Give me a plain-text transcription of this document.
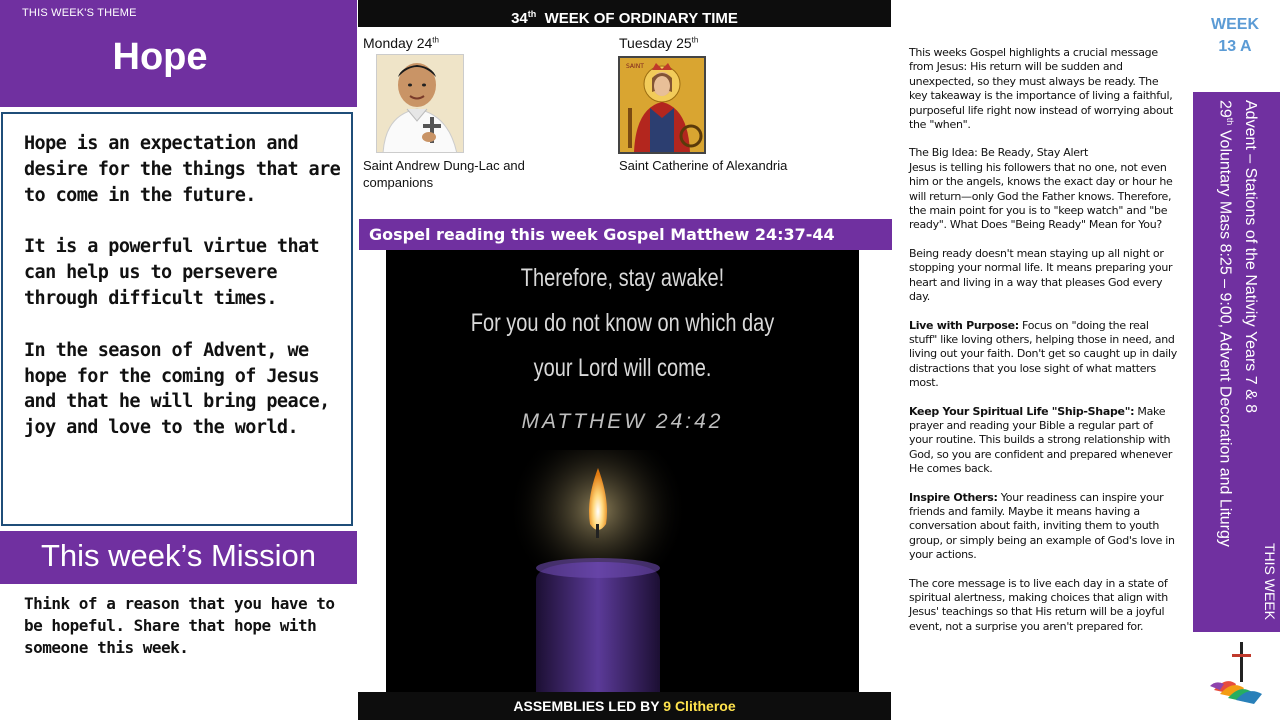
THIS WEEK'S THEME
Hope

Hope is an expectation and desire for the things that are to come in the future.

It is a powerful virtue that can help us to persevere through difficult times.

In the season of Advent, we hope for the coming of Jesus and that he will bring peace, joy and love to the world.

This week’s Mission
Think of a reason that you have to be hopeful. Share that hope with someone this week.
34th WEEK OF ORDINARY TIME
Monday 24th
Saint Andrew Dung-Lac and companions
Tuesday 25th
SAINT
Saint Catherine of Alexandria
Gospel reading this week Gospel Matthew 24:37-44
Therefore, stay awake!
For you do not know on which day
your Lord will come.
MATTHEW 24:42
ASSEMBLIES LED BY 9 Clitheroe

This weeks Gospel highlights a crucial message from Jesus: His return will be sudden and unexpected, so they must always be ready. The key takeaway is the importance of living a faithful, purposeful life right now instead of worrying about the "when".

The Big Idea: Be Ready, Stay Alert
Jesus is telling his followers that no one, not even him or the angels, knows the exact day or hour he will return—only God the Father knows. Therefore, the main point for you is to "keep watch" and "be ready". What Does "Being Ready" Mean for You?

Being ready doesn't mean staying up all night or stopping your normal life. It means preparing your heart and living in a way that pleases God every day.

Live with Purpose: Focus on "doing the real stuff" like loving others, helping those in need, and living out your faith. Don't get so caught up in daily distractions that you lose sight of what matters most.

Keep Your Spiritual Life "Ship-Shape": Make prayer and reading your Bible a regular part of your routine. This builds a strong relationship with God, so you are confident and prepared whenever He comes back.

Inspire Others: Your readiness can inspire your friends and family. Maybe it means having a conversation about faith, inviting them to youth group, or simply being an example of God's love in your actions.

The core message is to live each day in a state of spiritual alertness, making choices that align with Jesus' teachings so that His return will be a joyful event, not a surprise you aren't prepared for.

WEEK
13 A
THIS WEEK
Advent – Stations of the Nativity Years 7 & 8
29th Voluntary Mass 8:25 – 9:00, Advent Decoration and Liturgy
